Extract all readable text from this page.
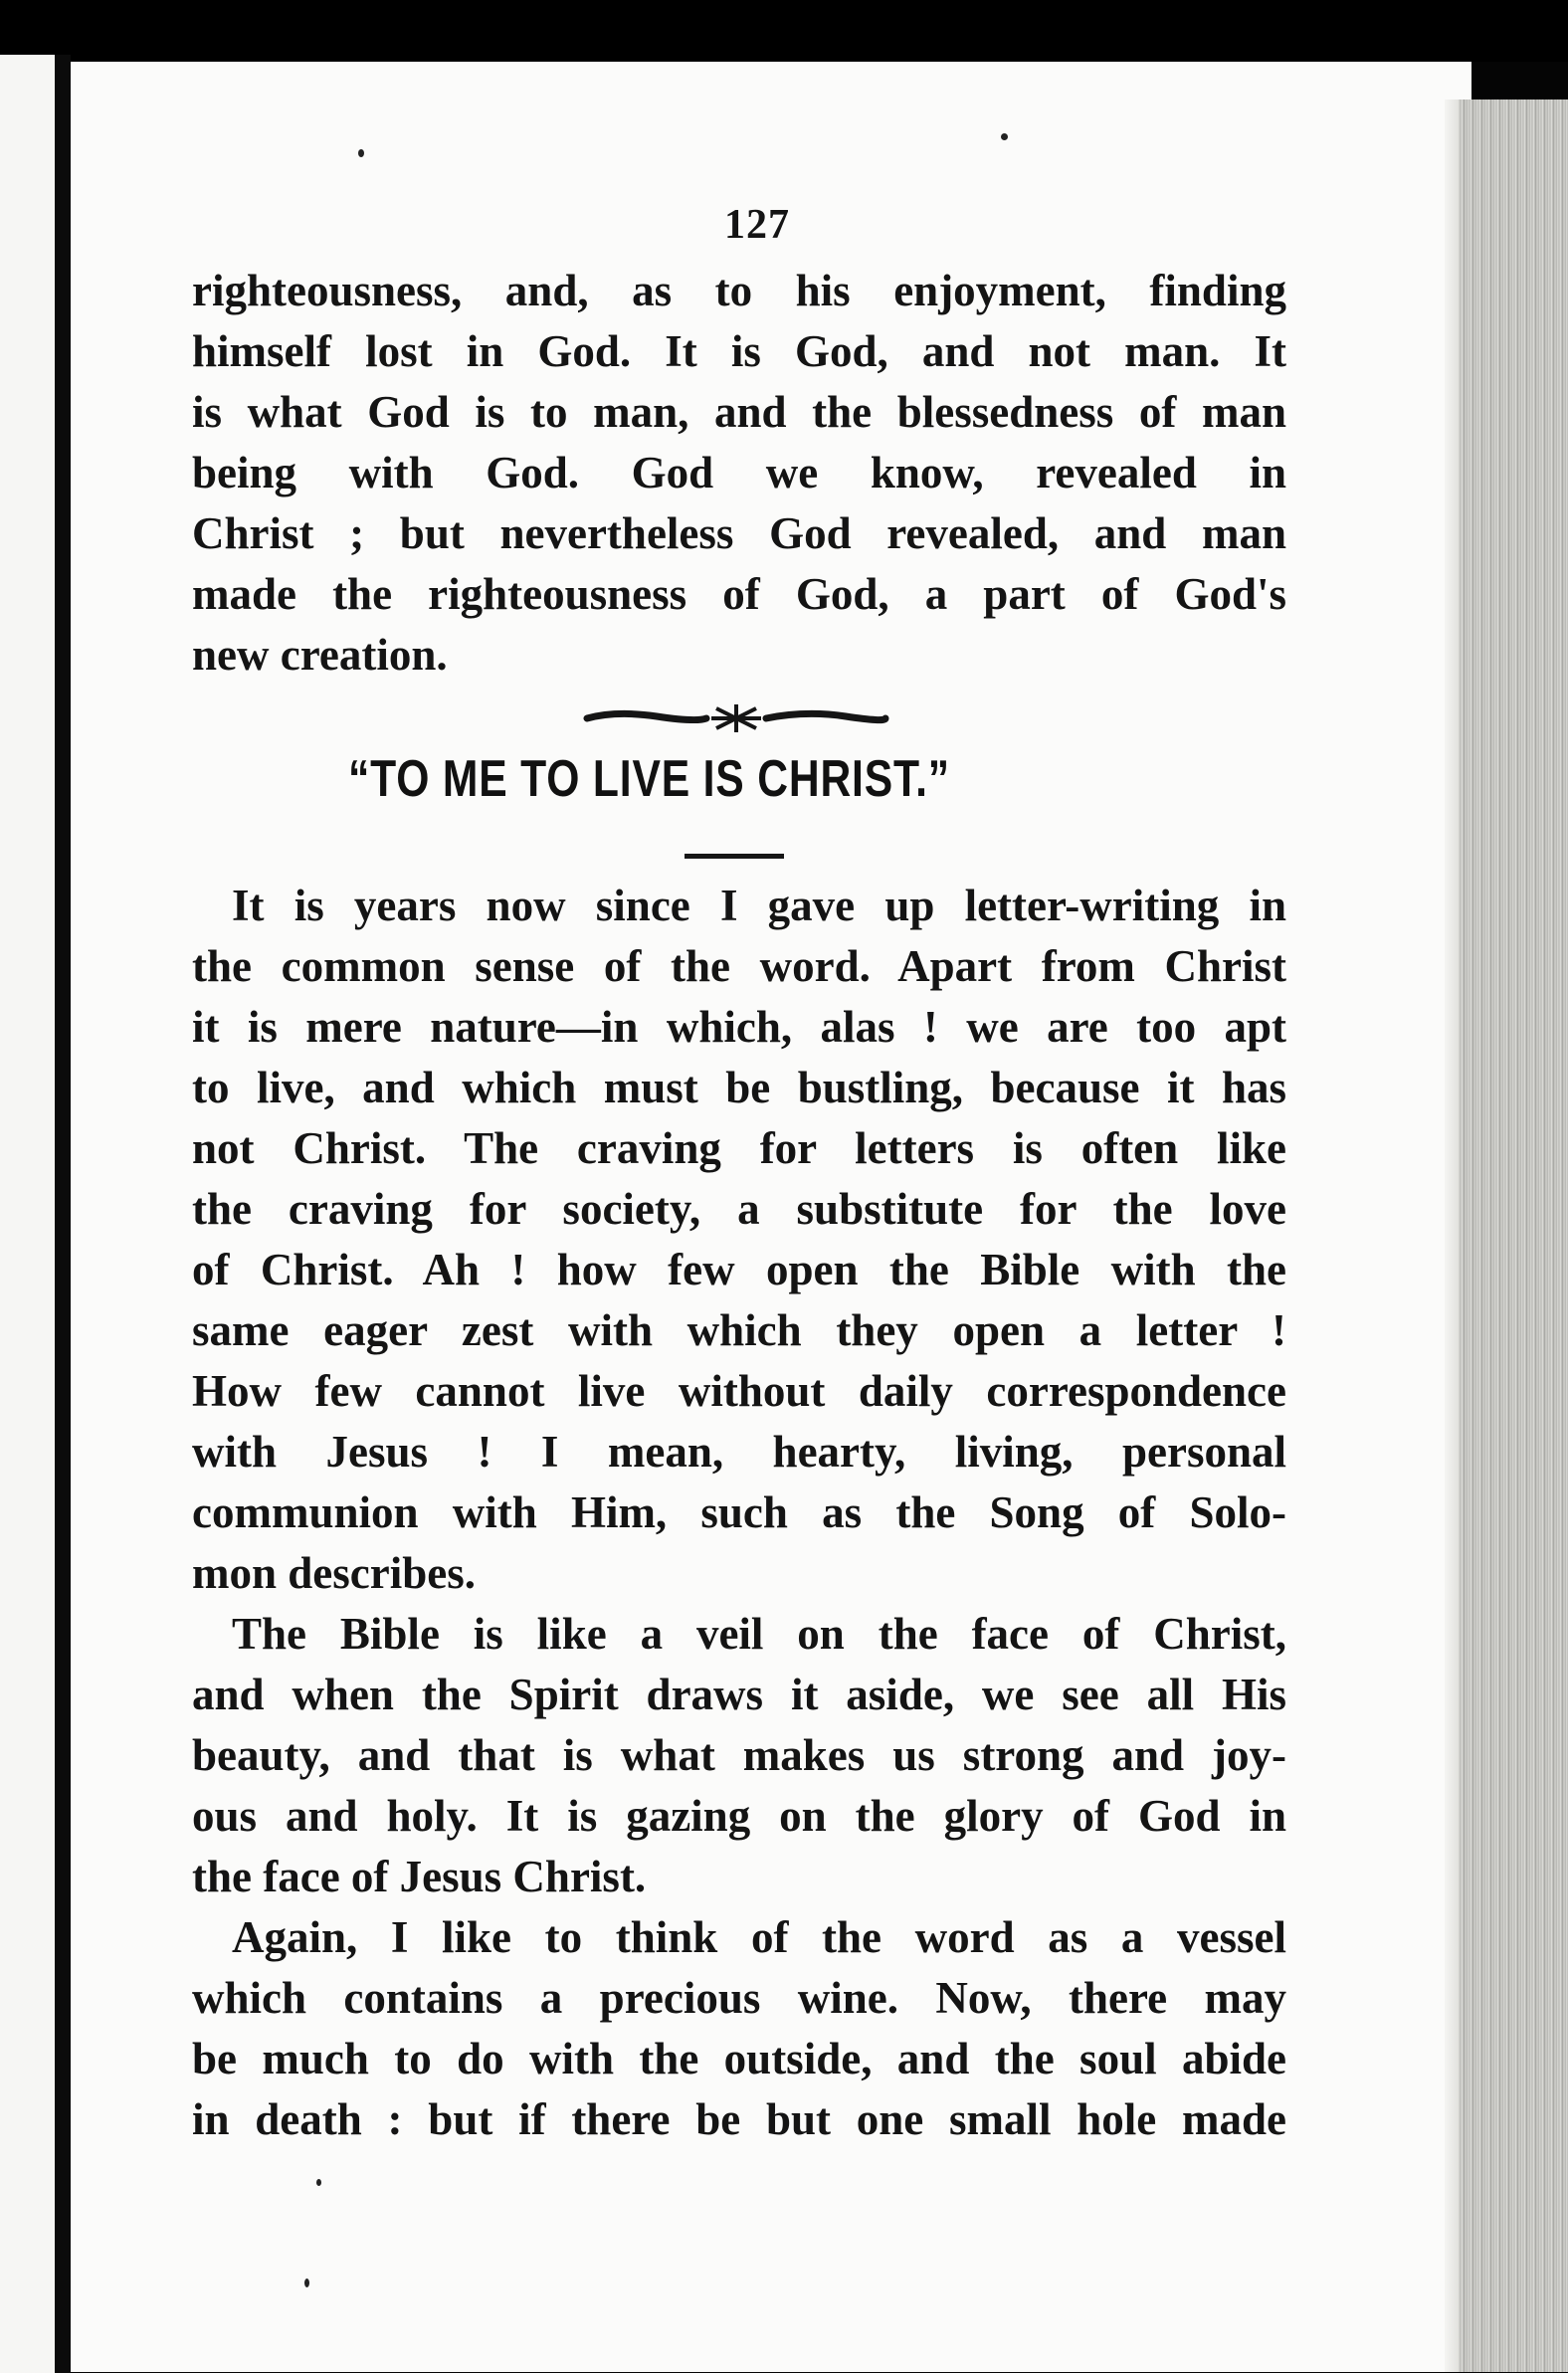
127
righteousness, and, as to his enjoyment, finding
himself lost in God. It is God, and not man. It
is what God is to man, and the blessedness of man
being with God. God we know, revealed in
Christ ; but nevertheless God revealed, and man
made the righteousness of God, a part of God's
new creation.
“TO ME TO LIVE IS CHRIST.”
It is years now since I gave up letter-writing in
the common sense of the word. Apart from Christ
it is mere nature—in which, alas ! we are too apt
to live, and which must be bustling, because it has
not Christ. The craving for letters is often like
the craving for society, a substitute for the love
of Christ. Ah ! how few open the Bible with the
same eager zest with which they open a letter !
How few cannot live without daily correspondence
with Jesus ! I mean, hearty, living, personal
communion with Him, such as the Song of Solo-
mon describes.
The Bible is like a veil on the face of Christ,
and when the Spirit draws it aside, we see all His
beauty, and that is what makes us strong and joy-
ous and holy. It is gazing on the glory of God in
the face of Jesus Christ.
Again, I like to think of the word as a vessel
which contains a precious wine. Now, there may
be much to do with the outside, and the soul abide
in death : but if there be but one small hole made
